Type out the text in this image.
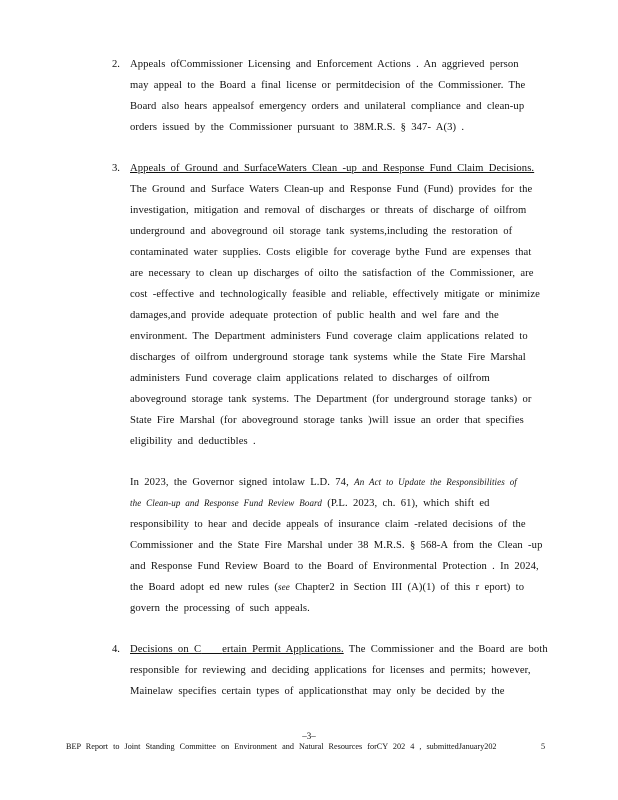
2. Appeals ofCommissioner Licensing and Enforcement Actions . An aggrieved person
may appeal to the Board a final license or permitdecision of the Commissioner. The
Board also hears appealsof emergency orders and unilateral compliance and clean-up
orders issued by the Commissioner pursuant to 38M.R.S. § 347- A(3) .
3. Appeals of Ground and SurfaceWaters Clean -up and Response Fund Claim Decisions.
The Ground and Surface Waters Clean-up and Response Fund (Fund) provides for the
investigation, mitigation and removal of discharges or threats of discharge of oilfrom
underground and aboveground oil storage tank systems,including the restoration of
contaminated water supplies. Costs eligible for coverage bythe Fund are expenses that
are necessary to clean up discharges of oilto the satisfaction of the Commissioner, are
cost -effective and technologically feasible and reliable, effectively mitigate or minimize
damages,and provide adequate protection of public health and wel fare and the
environment. The Department administers Fund coverage claim applications related to
discharges of oilfrom underground storage tank systems while the State Fire Marshal
administers Fund coverage claim applications related to discharges of oilfrom
aboveground storage tank systems. The Department (for underground storage tanks) or
State Fire Marshal (for aboveground storage tanks )will issue an order that specifies
eligibility and deductibles .
In 2023, the Governor signed intolaw L.D. 74, An Act to Update the Responsibilities of
the Clean-up and Response Fund Review Board (P.L. 2023, ch. 61), which shift ed
responsibility to hear and decide appeals of insurance claim -related decisions of the
Commissioner and the State Fire Marshal under 38 M.R.S. § 568-A from the Clean -up
and Response Fund Review Board to the Board of Environmental Protection . In 2024,
the Board adopt ed new rules (see Chapter2 in Section III (A)(1) of this r eport) to
govern the processing of such appeals.
4. Decisions on C ertain Permit Applications. The Commissioner and the Board are both
responsible for reviewing and deciding applications for licenses and permits; however,
Mainelaw specifies certain types of applicationsthat may only be decided by the
–3–
BEP Report to Joint Standing Committee on Environment and Natural Resources forCY 202 4 , submittedJanuary202	5
